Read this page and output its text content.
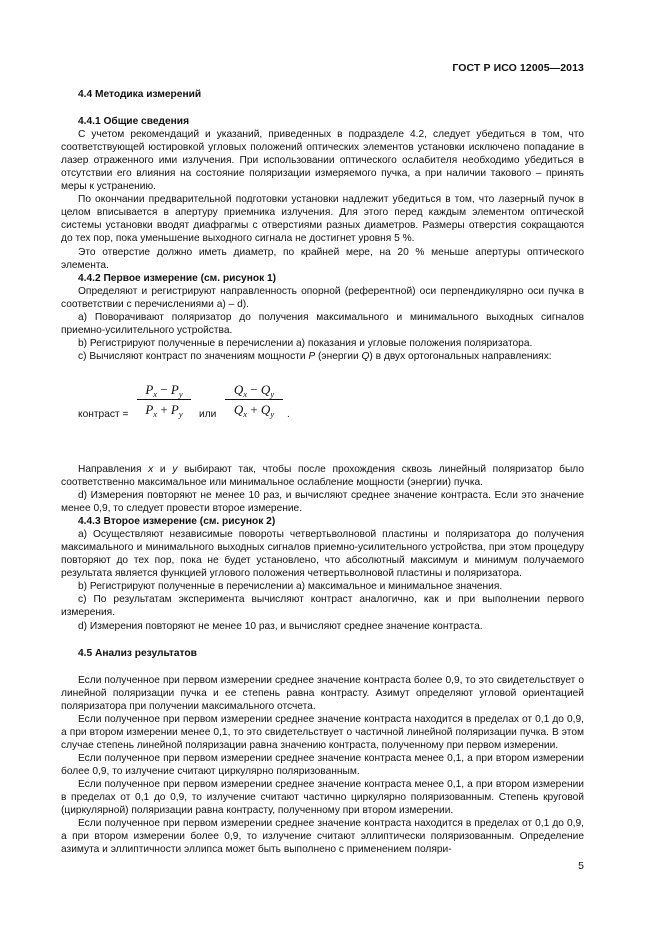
ГОСТ Р ИСО 12005—2013

4.4 Методика измерений

4.4.1 Общие сведения

С учетом рекомендаций и указаний, приведенных в подразделе 4.2, следует убедиться в том, что соответствующей юстировкой угловых положений оптических элементов установки исключено попадание в лазер отраженного ими излучения. При использовании оптического ослабителя необходимо убедиться в отсутствии его влияния на состояние поляризации измеряемого пучка, а при наличии такового – принять меры к устранению.

По окончании предварительной подготовки установки надлежит убедиться в том, что лазерный пучок в целом вписывается в апертуру приемника излучения. Для этого перед каждым элементом оптической системы установки вводят диафрагмы с отверстиями разных диаметров. Размеры отверстия сокращаются до тех пор, пока уменьшение выходного сигнала не достигнет уровня 5 %.

Это отверстие должно иметь диаметр, по крайней мере, на 20 % меньше апертуры оптического элемента.

4.4.2 Первое измерение (см. рисунок 1)

Определяют и регистрируют направленность опорной (референтной) оси перпендикулярно оси пучка в соответствии с перечислениями а) – d).

а) Поворачивают поляризатор до получения максимального и минимального выходных сигналов приемно-усилительного устройства.

b) Регистрируют полученные в перечислении а) показания и угловые положения поляризатора.

c) Вычисляют контраст по значениям мощности P (энергии Q) в двух ортогональных направлениях:

контраст =
$P_x - P_y$
$P_x + P_y$	или
$Q_x - Q_y$
$Q_x + Q_y$	.

Направления x и y выбирают так, чтобы после прохождения сквозь линейный поляризатор было соответственно максимальное или минимальное ослабление мощности (энергии) пучка.

d) Измерения повторяют не менее 10 раз, и вычисляют среднее значение контраста. Если это значение менее 0,9, то следует провести второе измерение.

4.4.3 Второе измерение (см. рисунок 2)

а) Осуществляют независимые повороты четвертьволновой пластины и поляризатора до получения максимального и минимального выходных сигналов приемно-усилительного устройства, при этом процедуру повторяют до тех пор, пока не будет установлено, что абсолютный максимум и минимум получаемого результата является функцией углового положения четвертьволновой пластины и поляризатора.

b) Регистрируют полученные в перечислении а) максимальное и минимальное значения.

c) По результатам эксперимента вычисляют контраст аналогично, как и при выполнении первого измерения.

d) Измерения повторяют не менее 10 раз, и вычисляют среднее значение контраста.

4.5 Анализ результатов

Если полученное при первом измерении среднее значение контраста более 0,9, то это свидетельствует о линейной поляризации пучка и ее степень равна контрасту. Азимут определяют угловой ориентацией поляризатора при получении максимального отсчета.

Если полученное при первом измерении среднее значение контраста находится в пределах от 0,1 до 0,9, а при втором измерении менее 0,1, то это свидетельствует о частичной линейной поляризации пучка. В этом случае степень линейной поляризации равна значению контраста, полученному при первом измерении.

Если полученное при первом измерении среднее значение контраста менее 0,1, а при втором измерении более 0,9, то излучение считают циркулярно поляризованным.

Если полученное при первом измерении среднее значение контраста менее 0,1, а при втором измерении в пределах от 0,1 до 0,9, то излучение считают частично циркулярно поляризованным. Степень круговой (циркулярной) поляризации равна контрасту, полученному при втором измерении.

Если полученное при первом измерении среднее значение контраста находится в пределах от 0,1 до 0,9, а при втором измерении более 0,9, то излучение считают эллиптически поляризованным. Определение азимута и эллиптичности эллипса может быть выполнено с применением поляри-

5
